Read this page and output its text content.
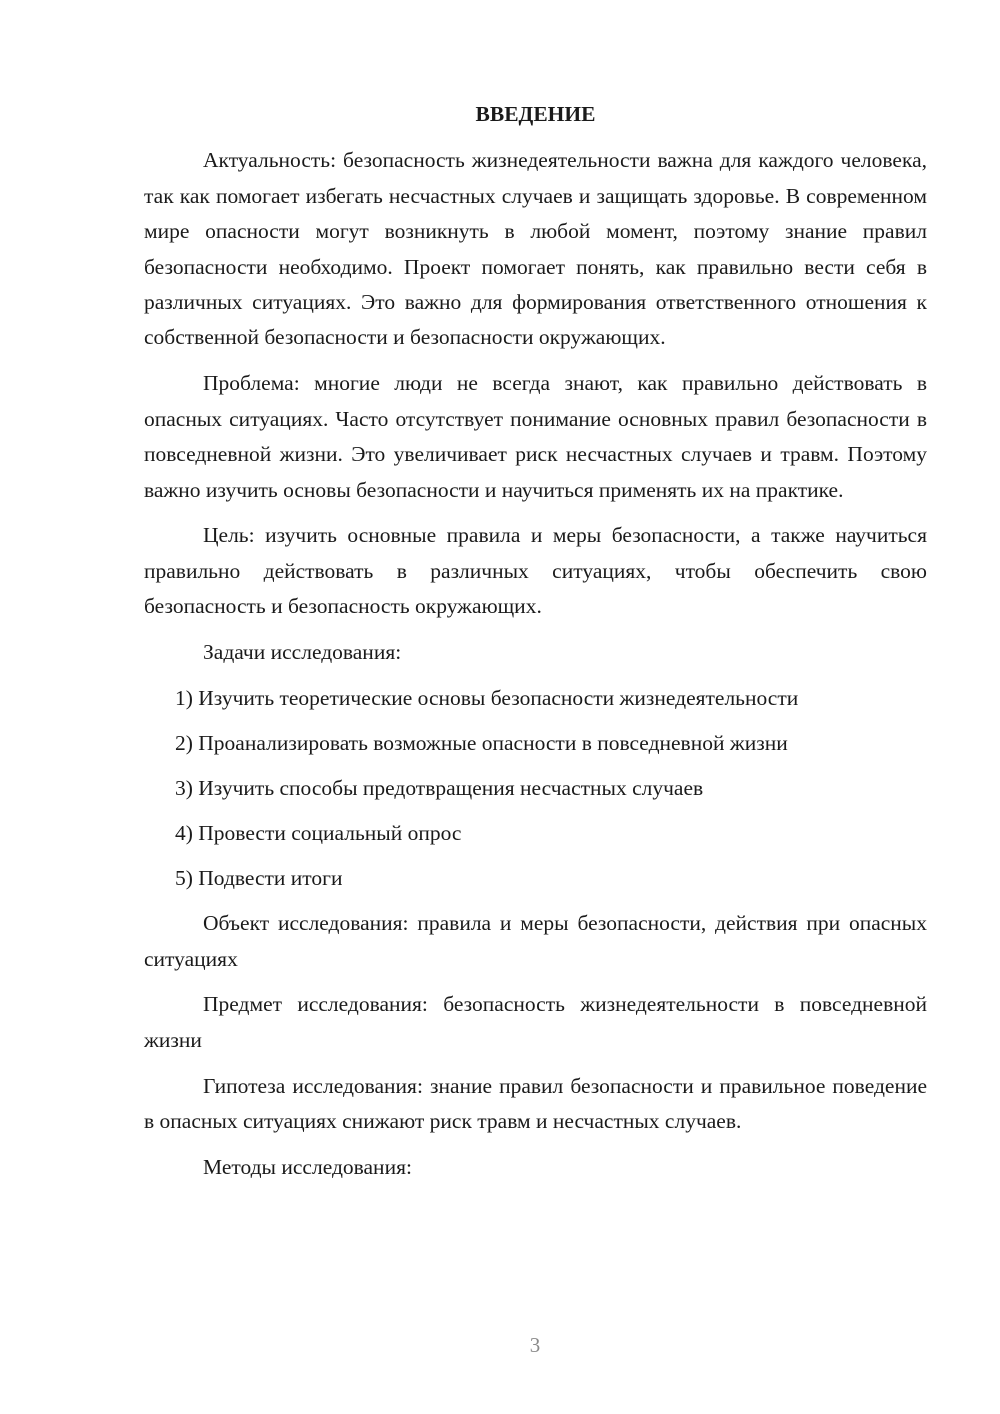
ВВЕДЕНИЕ

Актуальность: безопасность жизнедеятельности важна для каждого человека, так как помогает избегать несчастных случаев и защищать здоровье. В современном мире опасности могут возникнуть в любой момент, поэтому знание правил безопасности необходимо. Проект помогает понять, как правильно вести себя в различных ситуациях. Это важно для формирования ответственного отношения к собственной безопасности и безопасности окружающих.

Проблема: многие люди не всегда знают, как правильно действовать в опасных ситуациях. Часто отсутствует понимание основных правил безопасности в повседневной жизни. Это увеличивает риск несчастных случаев и травм. Поэтому важно изучить основы безопасности и научиться применять их на практике.

Цель: изучить основные правила и меры безопасности, а также научиться правильно действовать в различных ситуациях, чтобы обеспечить свою безопасность и безопасность окружающих.

Задачи исследования:

1) Изучить теоретические основы безопасности жизнедеятельности
2) Проанализировать возможные опасности в повседневной жизни
3) Изучить способы предотвращения несчастных случаев
4) Провести социальный опрос
5) Подвести итоги

Объект исследования: правила и меры безопасности, действия при опасных ситуациях

Предмет исследования: безопасность жизнедеятельности в повседневной жизни

Гипотеза исследования: знание правил безопасности и правильное поведение в опасных ситуациях снижают риск травм и несчастных случаев.

Методы исследования:

3
